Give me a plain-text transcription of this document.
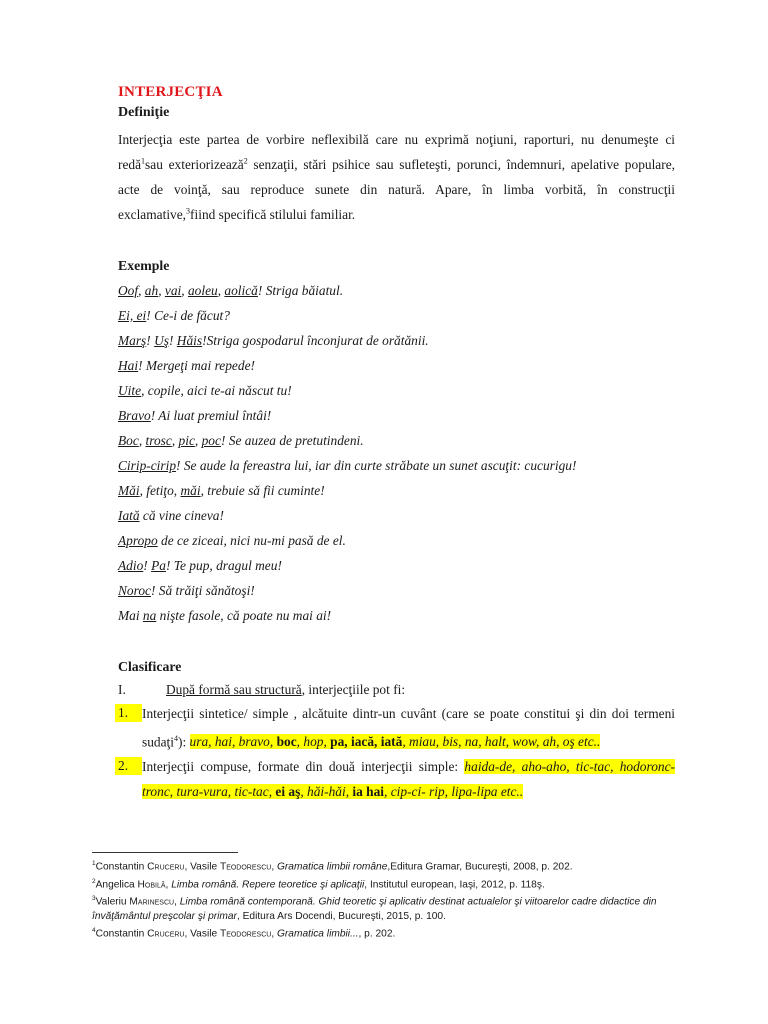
INTERJECŢIA
Definiţie

Interjecţia este partea de vorbire neflexibilă care nu exprimă noţiuni, raporturi, nu denumeşte ci redă$^1$sau exteriorizează$^2$ senzaţii, stări psihice sau sufleteşti, porunci, îndemnuri, apelative populare, acte de voinţă, sau reproduce sunete din natură. Apare, în limba vorbită, în construcţii exclamative,$^3$fiind specifică stilului familiar.

Exemple

Oof, ah, vai, aoleu, aolică! Striga băiatul.

Ei, ei! Ce-i de făcut?

Marş! Uş! Hăis!Striga gospodarul înconjurat de orătănii.

Hai! Mergeţi mai repede!

Uite, copile, aici te-ai născut tu!

Bravo! Ai luat premiul întâi!

Boc, trosc, pic, poc! Se auzea de pretutindeni.

Cirip-cirip! Se aude la fereastra lui, iar din curte străbate un sunet ascuţit: cucurigu!

Măi, fetiţo, măi, trebuie să fii cuminte!

Iată că vine cineva!

Apropo de ce ziceai, nici nu-mi pasă de el.

Adio! Pa! Te pup, dragul meu!

Noroc! Să trăiţi sănătoşi!

Mai na nişte fasole, că poate nu mai ai!

Clasificare
I.	După formă sau structură, interjecţiile pot fi:
1.	Interjecţii sintetice/ simple , alcătuite dintr-un cuvânt (care se poate constitui şi din doi termeni sudaţi$^4$): ura, hai, bravo, boc, hop, pa, iacă, iată, miau, bis, na, halt, wow, ah, oş etc..
2.	Interjecţii compuse, formate din două interjecţii simple: haida-de, aho-aho, tic-tac, hodoronc-tronc, tura-vura, tic-tac, ei aş, hăi-hăi, ia hai, cip-ci- rip, lipa-lipa etc..

$^1$Constantin Cruceru, Vasile Teodorescu, Gramatica limbii române,Editura Gramar, Bucureşti, 2008, p. 202.

$^2$Angelica Hobilă, Limba română. Repere teoretice şi aplicaţii, Institutul european, Iaşi, 2012, p. 118ş.

$^3$Valeriu Marinescu, Limba română contemporană. Ghid teoretic şi aplicativ destinat actualelor şi viitoarelor cadre didactice din învăţământul preşcolar şi primar, Editura Ars Docendi, Bucureşti, 2015, p. 100.

$^4$Constantin Cruceru, Vasile Teodorescu, Gramatica limbii..., p. 202.
